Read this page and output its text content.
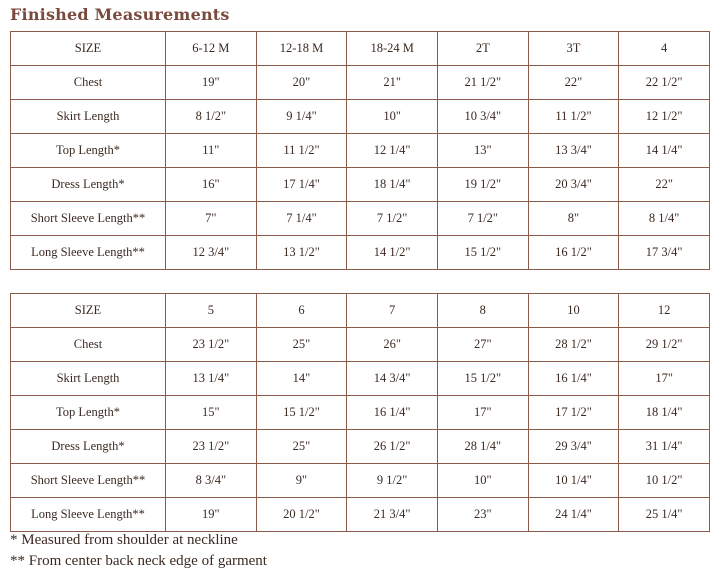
Finished Measurements
SIZE	6-12 M	12-18 M	18-24 M	2T	3T	4
Chest	19"	20"	21"	21 1/2"	22"	22 1/2"
Skirt Length	8 1/2"	9 1/4"	10"	10 3/4"	11 1/2"	12 1/2"
Top Length*	11"	11 1/2"	12 1/4"	13"	13 3/4"	14 1/4"
Dress Length*	16"	17 1/4"	18 1/4"	19 1/2"	20 3/4"	22"
Short Sleeve Length**	7"	7 1/4"	7 1/2"	7 1/2"	8"	8 1/4"
Long Sleeve Length**	12 3/4"	13 1/2"	14 1/2"	15 1/2"	16 1/2"	17 3/4"
SIZE	5	6	7	8	10	12
Chest	23 1/2"	25"	26"	27"	28 1/2"	29 1/2"
Skirt Length	13 1/4"	14"	14 3/4"	15 1/2"	16 1/4"	17"
Top Length*	15"	15 1/2"	16 1/4"	17"	17 1/2"	18 1/4"
Dress Length*	23 1/2"	25"	26 1/2"	28 1/4"	29 3/4"	31 1/4"
Short Sleeve Length**	8 3/4"	9"	9 1/2"	10"	10 1/4"	10 1/2"
Long Sleeve Length**	19"	20 1/2"	21 3/4"	23"	24 1/4"	25 1/4"

* Measured from shoulder at neckline

** From center back neck edge of garment
